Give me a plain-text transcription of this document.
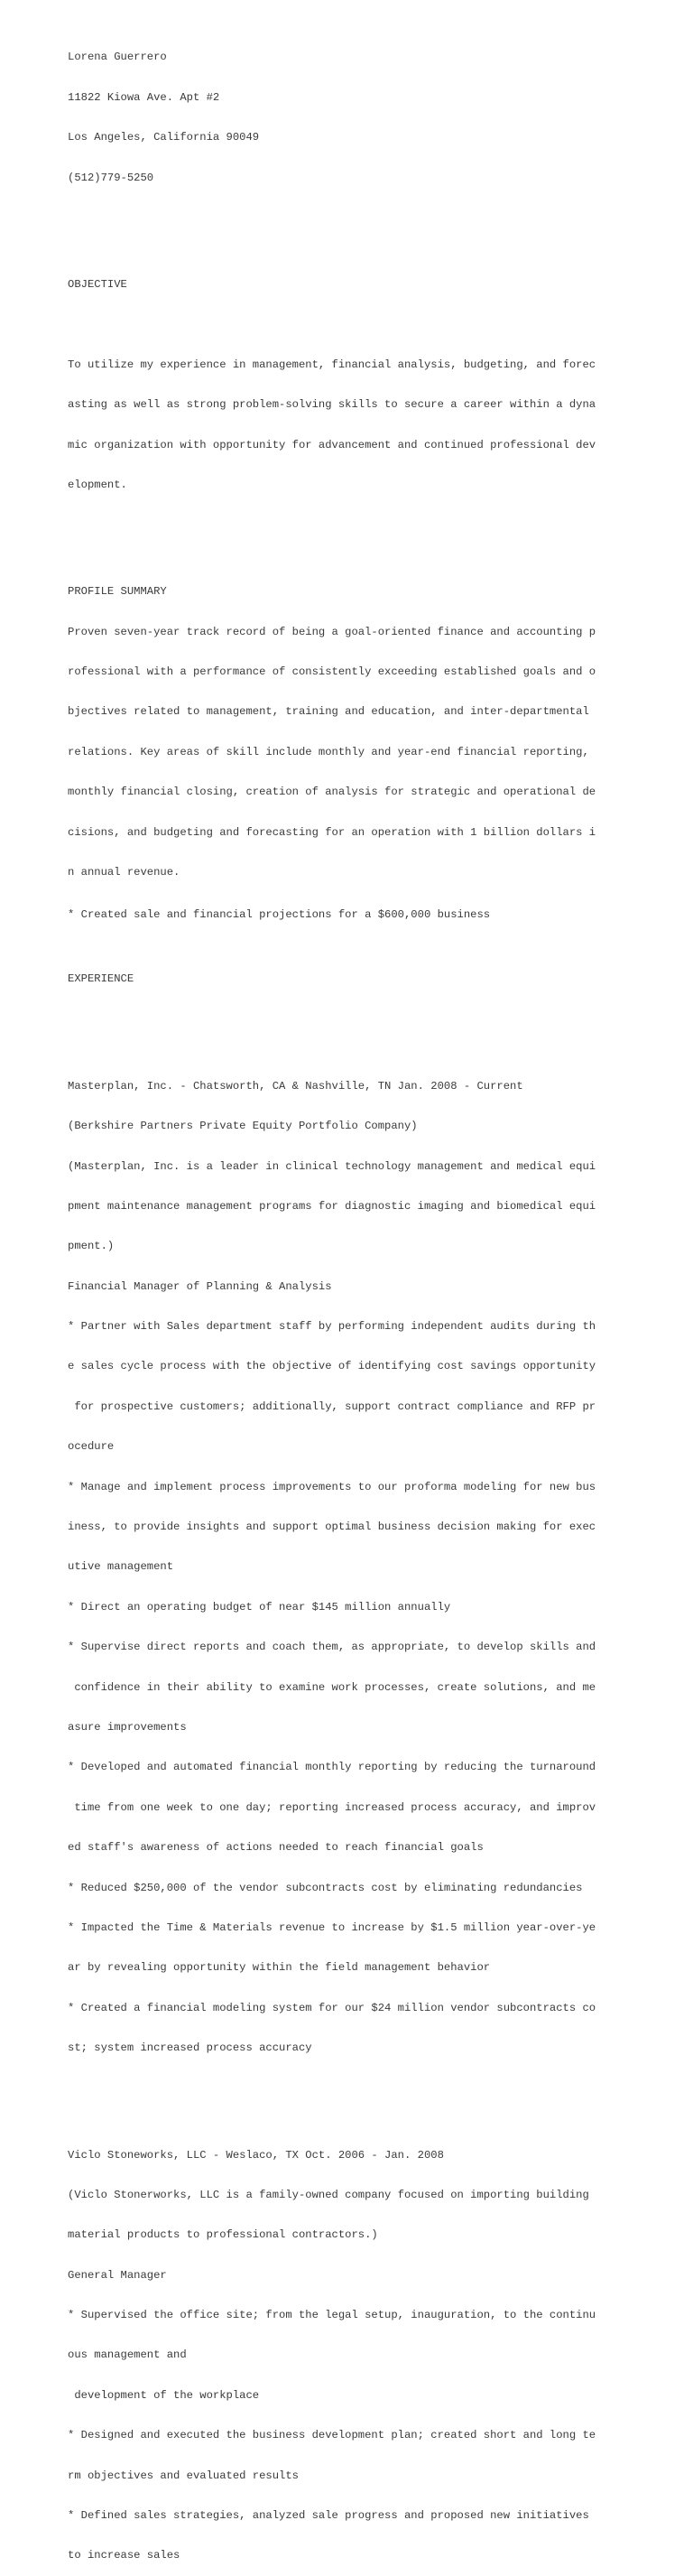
Lorena Guerrero

11822 Kiowa Ave. Apt #2

Los Angeles, California 90049

(512)779-5250

OBJECTIVE

To utilize my experience in management, financial analysis, budgeting, and forec

asting as well as strong problem-solving skills to secure a career within a dyna

mic organization with opportunity for advancement and continued professional dev

elopment.

PROFILE SUMMARY

Proven seven-year track record of being a goal-oriented finance and accounting p

rofessional with a performance of consistently exceeding established goals and o

bjectives related to management, training and education, and inter-departmental

relations. Key areas of skill include monthly and year-end financial reporting,

monthly financial closing, creation of analysis for strategic and operational de

cisions, and budgeting and forecasting for an operation with 1 billion dollars i

n annual revenue.

EXPERIENCE

Masterplan, Inc. - Chatsworth, CA & Nashville, TN Jan. 2008 - Current

(Berkshire Partners Private Equity Portfolio Company)

(Masterplan, Inc. is a leader in clinical technology management and medical equi

pment maintenance management programs for diagnostic imaging and biomedical equi

pment.)

Financial Manager of Planning & Analysis

* Partner with Sales department staff by performing independent audits during th

e sales cycle process with the objective of identifying cost savings opportunity

for prospective customers; additionally, support contract compliance and RFP pr

ocedure

* Manage and implement process improvements to our proforma modeling for new bus

iness, to provide insights and support optimal business decision making for exec

utive management

* Direct an operating budget of near $145 million annually

* Supervise direct reports and coach them, as appropriate, to develop skills and

confidence in their ability to examine work processes, create solutions, and me

asure improvements

* Developed and automated financial monthly reporting by reducing the turnaround

time from one week to one day; reporting increased process accuracy, and improv

ed staff's awareness of actions needed to reach financial goals

* Reduced $250,000 of the vendor subcontracts cost by eliminating redundancies

* Impacted the Time & Materials revenue to increase by $1.5 million year-over-ye

ar by revealing opportunity within the field management behavior

* Created a financial modeling system for our $24 million vendor subcontracts co

st; system increased process accuracy

Viclo Stoneworks, LLC - Weslaco, TX Oct. 2006 - Jan. 2008

(Viclo Stonerworks, LLC is a family-owned company focused on importing building

material products to professional contractors.)

General Manager

* Supervised the office site; from the legal setup, inauguration, to the continu

ous management and

development of the workplace

* Designed and executed the business development plan; created short and long te

rm objectives and evaluated results

* Defined sales strategies, analyzed sale progress and proposed new initiatives

to increase sales

* Created sale and financial projections for a $600,000 business
